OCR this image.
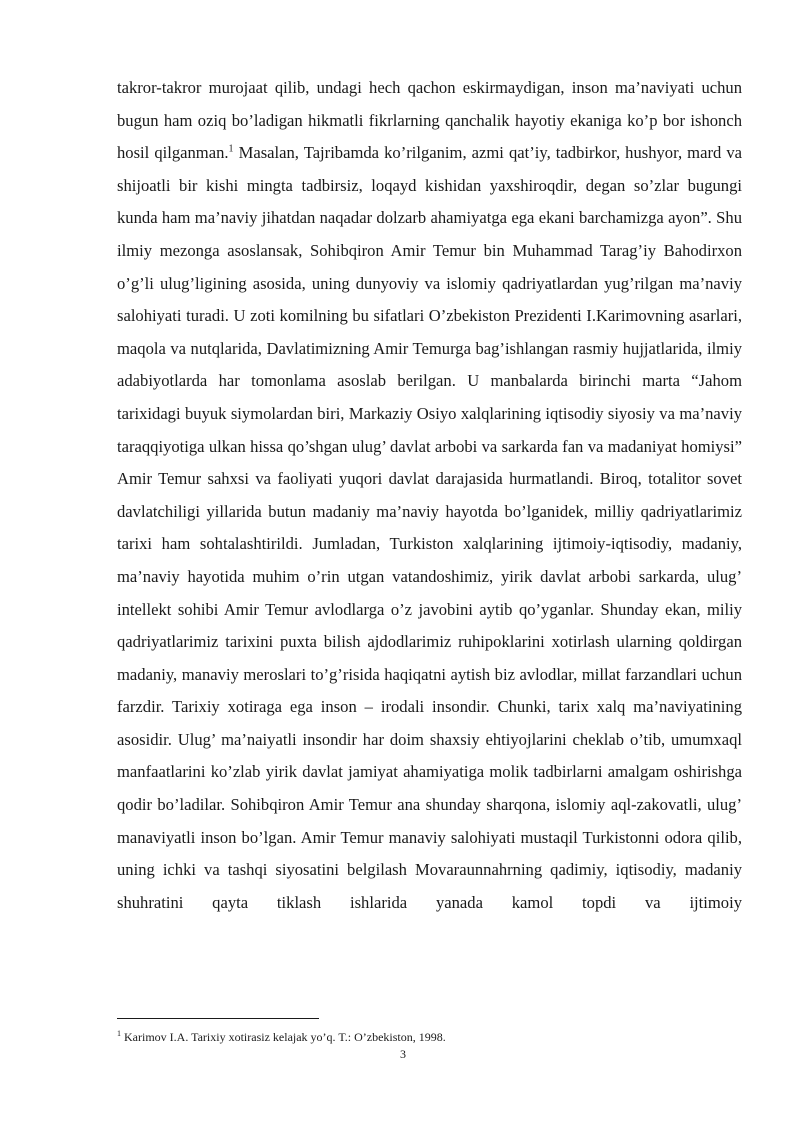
takror-takror murojaat qilib, undagi hech qachon eskirmaydigan, inson ma’naviyati uchun bugun ham oziq bo’ladigan hikmatli fikrlarning qanchalik hayotiy ekaniga ko’p bor ishonch hosil qilganman.$^1$ Masalan, Tajribamda ko’rilganim, azmi qat’iy, tadbirkor, hushyor, mard va shijoatli bir kishi mingta tadbirsiz, loqayd kishidan yaxshiroqdir, degan so’zlar bugungi kunda ham ma’naviy jihatdan naqadar dolzarb ahamiyatga ega ekani barchamizga ayon”. Shu ilmiy mezonga asoslansak, Sohibqiron Amir Temur bin Muhammad Tarag’iy Bahodirxon o’g’li ulug’ligining asosida, uning dunyoviy va islomiy qadriyatlardan yug’rilgan ma’naviy salohiyati turadi. U zoti komilning bu sifatlari O’zbekiston Prezidenti I.Karimovning asarlari, maqola va nutqlarida, Davlatimizning Amir Temurga bag’ishlangan rasmiy hujjatlarida, ilmiy adabiyotlarda har tomonlama asoslab berilgan. U manbalarda birinchi marta “Jahom tarixidagi buyuk siymolardan biri, Markaziy Osiyo xalqlarining iqtisodiy siyosiy va ma’naviy taraqqiyotiga ulkan hissa qo’shgan ulug’ davlat arbobi va sarkarda fan va madaniyat homiysi” Amir Temur sahxsi va faoliyati yuqori davlat darajasida hurmatlandi. Biroq, totalitor sovet davlatchiligi yillarida butun madaniy ma’naviy hayotda bo’lganidek, milliy qadriyatlarimiz tarixi ham sohtalashtirildi. Jumladan, Turkiston xalqlarining ijtimoiy-iqtisodiy, madaniy, ma’naviy hayotida muhim o’rin utgan vatandoshimiz, yirik davlat arbobi sarkarda, ulug’ intellekt sohibi Amir Temur avlodlarga o’z javobini aytib qo’yganlar. Shunday ekan, miliy qadriyatlarimiz tarixini puxta bilish ajdodlarimiz ruhipoklarini xotirlash ularning qoldirgan madaniy, manaviy meroslari to’g’risida haqiqatni aytish biz avlodlar, millat farzandlari uchun farzdir. Tarixiy xotiraga ega inson – irodali insondir. Chunki, tarix xalq ma’naviyatining asosidir. Ulug’ ma’naiyatli insondir har doim shaxsiy ehtiyojlarini cheklab o’tib, umumxaql manfaatlarini ko’zlab yirik davlat jamiyat ahamiyatiga molik tadbirlarni amalgam oshirishga qodir bo’ladilar. Sohibqiron Amir Temur ana shunday sharqona, islomiy aql-zakovatli, ulug’ manaviyatli inson bo’lgan. Amir Temur manaviy salohiyati mustaqil Turkistonni odora qilib, uning ichki va tashqi siyosatini belgilash Movaraunnahrning qadimiy, iqtisodiy, madaniy shuhratini qayta tiklash ishlarida yanada kamol topdi va ijtimoiy

$^1$ Karimov I.A. Tarixiy xotirasiz kelajak yo’q. T.: O’zbekiston, 1998.
3
